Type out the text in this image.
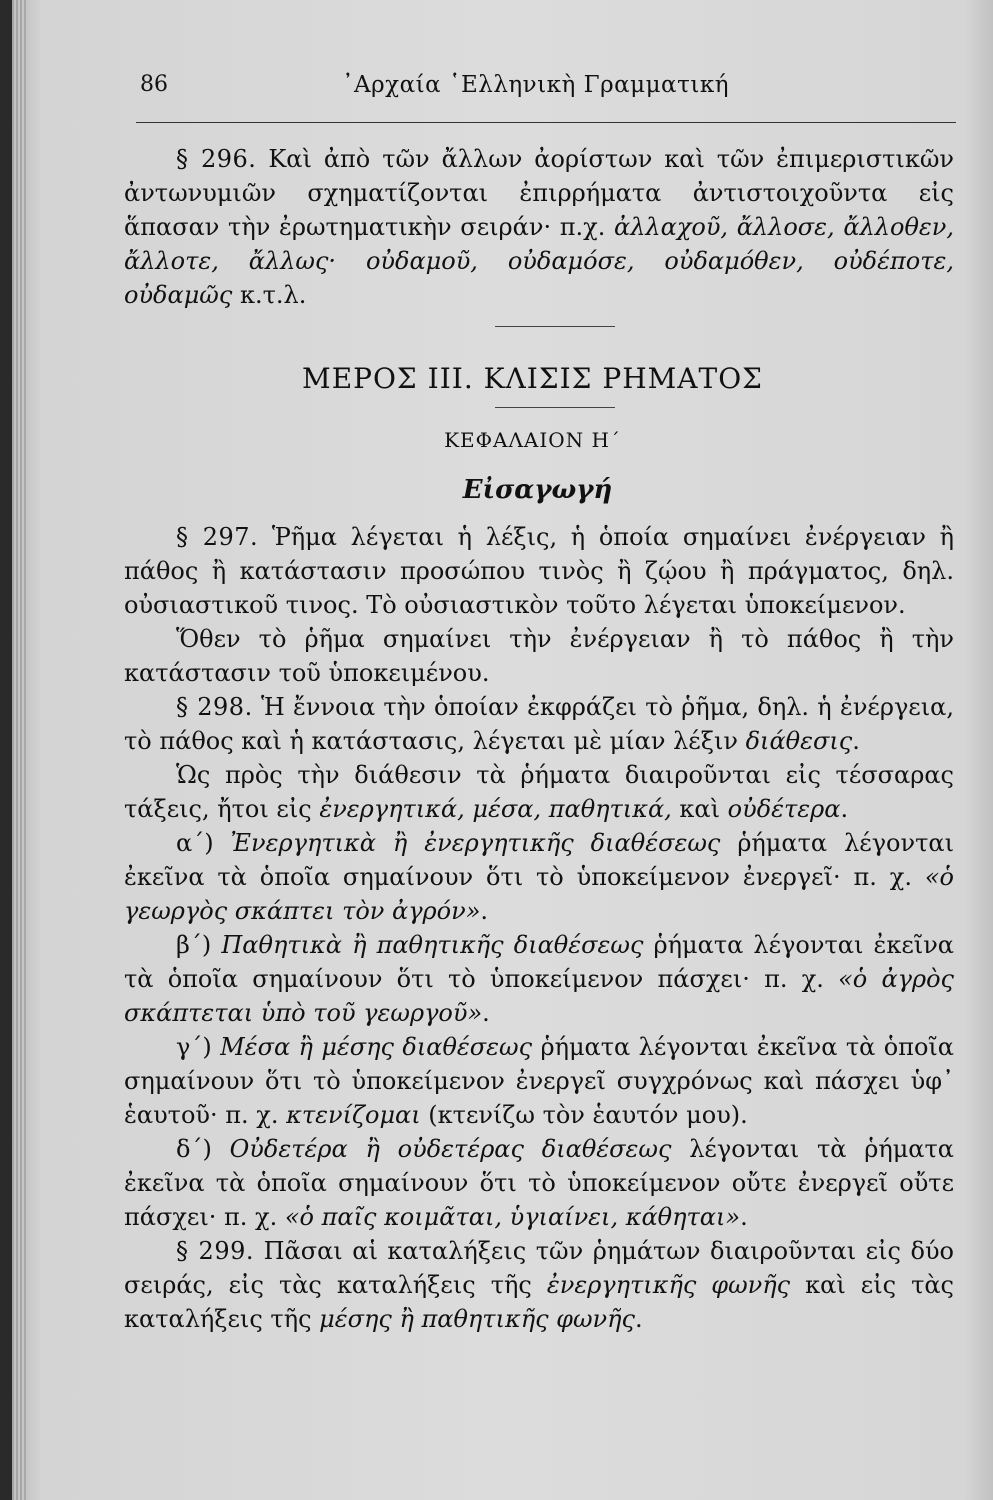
86	᾿Αρχαία ῾Ελληνικὴ Γραμματική

§ 296. Καὶ ἀπὸ τῶν ἄλλων ἀορίστων καὶ τῶν ἐπιμεριστικῶν ἀντωνυμιῶν σχηματίζονται ἐπιρρήματα ἀντιστοιχοῦντα εἰς ἅπασαν τὴν ἐρωτηματικὴν σειράν· π.χ. ἀλλαχοῦ, ἄλλοσε, ἄλλοθεν, ἄλλοτε, ἄλλως· οὐδαμοῦ, οὐδαμόσε, οὐδαμόθεν, οὐδέποτε, οὐδαμῶς κ.τ.λ.

ΜΕΡΟΣ ΙΙΙ. ΚΛΙΣΙΣ ΡΗΜΑΤΟΣ
ΚΕΦΑΛΑΙΟΝ Η΄
Εἰσαγωγή

§ 297. Ῥῆμα λέγεται ἡ λέξις, ἡ ὁποία σημαίνει ἐνέργειαν ἢ πάθος ἢ κατάστασιν προσώπου τινὸς ἢ ζῴου ἢ πράγματος, δηλ. οὐσιαστικοῦ τινος. Τὸ οὐσιαστικὸν τοῦτο λέγεται ὑποκείμενον.

Ὅθεν τὸ ῥῆμα σημαίνει τὴν ἐνέργειαν ἢ τὸ πάθος ἢ τὴν κατάστασιν τοῦ ὑποκειμένου.

§ 298. Ἡ ἔννοια τὴν ὁποίαν ἐκφράζει τὸ ῥῆμα, δηλ. ἡ ἐνέργεια, τὸ πάθος καὶ ἡ κατάστασις, λέγεται μὲ μίαν λέξιν διάθεσις.

Ὡς πρὸς τὴν διάθεσιν τὰ ῥήματα διαιροῦνται εἰς τέσσαρας τάξεις, ἤτοι εἰς ἐνεργητικά, μέσα, παθητικά, καὶ οὐδέτερα.

α΄) Ἐνεργητικὰ ἢ ἐνεργητικῆς διαθέσεως ῥήματα λέγονται ἐκεῖνα τὰ ὁποῖα σημαίνουν ὅτι τὸ ὑποκείμενον ἐνεργεῖ· π. χ. «ὁ γεωργὸς σκάπτει τὸν ἀγρόν».

β΄) Παθητικὰ ἢ παθητικῆς διαθέσεως ῥήματα λέγονται ἐκεῖνα τὰ ὁποῖα σημαίνουν ὅτι τὸ ὑποκείμενον πάσχει· π. χ. «ὁ ἀγρὸς σκάπτεται ὑπὸ τοῦ γεωργοῦ».

γ΄) Μέσα ἢ μέσης διαθέσεως ῥήματα λέγονται ἐκεῖνα τὰ ὁποῖα σημαίνουν ὅτι τὸ ὑποκείμενον ἐνεργεῖ συγχρόνως καὶ πάσχει ὑφ᾿ ἑαυτοῦ· π. χ. κτενίζομαι (κτενίζω τὸν ἑαυτόν μου).

δ΄) Οὐδετέρα ἢ οὐδετέρας διαθέσεως λέγονται τὰ ῥήματα ἐκεῖνα τὰ ὁποῖα σημαίνουν ὅτι τὸ ὑποκείμενον οὔτε ἐνεργεῖ οὔτε πάσχει· π. χ. «ὁ παῖς κοιμᾶται, ὑγιαίνει, κάθηται».

§ 299. Πᾶσαι αἱ καταλήξεις τῶν ῥημάτων διαιροῦνται εἰς δύο σειράς, εἰς τὰς καταλήξεις τῆς ἐνεργητικῆς φωνῆς καὶ εἰς τὰς καταλήξεις τῆς μέσης ἢ παθητικῆς φωνῆς.
